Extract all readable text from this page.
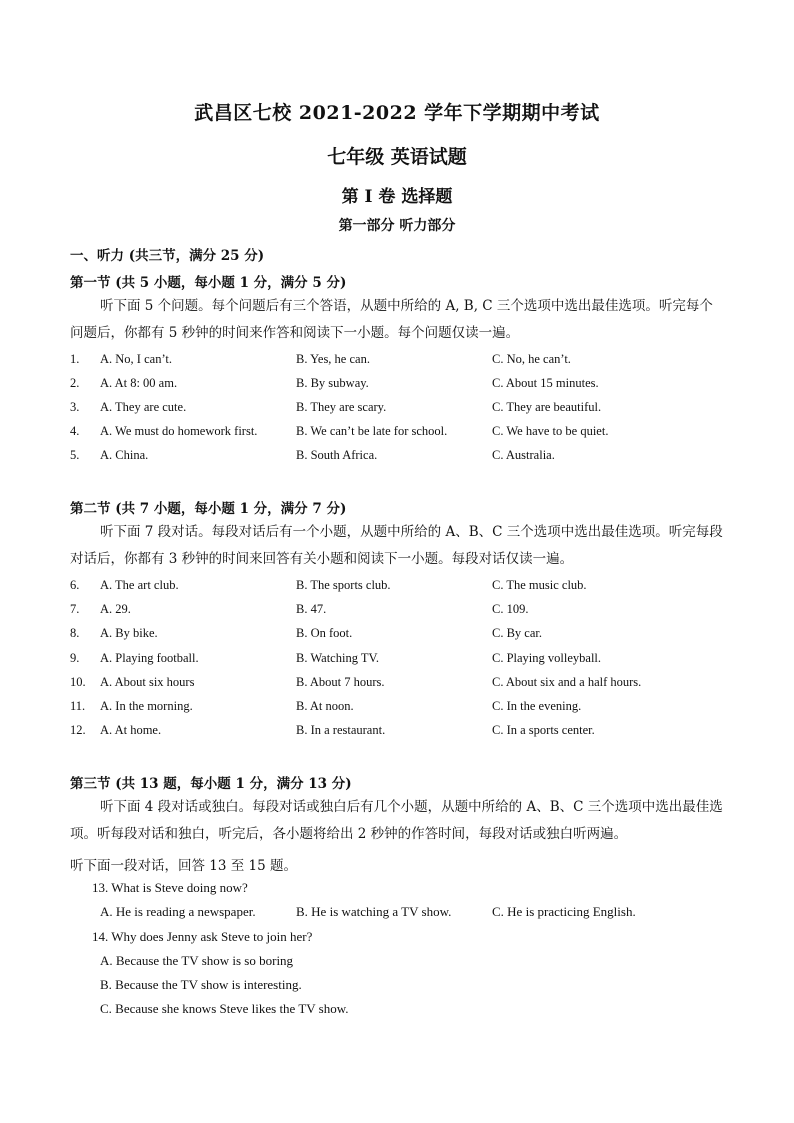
武昌区七校 2021-2022 学年下学期期中考试
七年级 英语试题
第 Ⅰ 卷 选择题
第一部分 听力部分
一、听力 (共三节，满分 25 分)
第一节 (共 5 小题，每小题 1 分，满分 5 分)
听下面 5 个问题。每个问题后有三个答语，从题中所给的 A, B, C 三个选项中选出最佳选项。听完每个问题后，你都有 5 秒钟的时间来作答和阅读下一小题。每个问题仅读一遍。
1. A. No, I can’t.	B. Yes, he can.	C. No, he can’t.
2. A. At 8: 00 am.	B. By subway.	C. About 15 minutes.
3. A. They are cute.	B. They are scary.	C. They are beautiful.
4. A. We must do homework first.	B. We can’t be late for school.	C. We have to be quiet.
5. A. China.	B. South Africa.	C. Australia.
第二节 (共 7 小题，每小题 1 分，满分 7 分)
听下面 7 段对话。每段对话后有一个小题，从题中所给的 A、B、C 三个选项中选出最佳选项。听完每段对话后，你都有 3 秒钟的时间来回答有关小题和阅读下一小题。每段对话仅读一遍。
6. A. The art club.	B. The sports club.	C. The music club.
7. A. 29.	B. 47.	C. 109.
8. A. By bike.	B. On foot.	C. By car.
9. A. Playing football.	B. Watching TV.	C. Playing volleyball.
10. A. About six hours	B. About 7 hours.	C. About six and a half hours.
11. A. In the morning.	B. At noon.	C. In the evening.
12. A. At home.	B. In a restaurant.	C. In a sports center.
第三节 (共 13 题，每小题 1 分，满分 13 分)
听下面 4 段对话或独白。每段对话或独白后有几个小题，从题中所给的 A、B、C 三个选项中选出最佳选项。听每段对话和独白，听完后，各小题将给出 2 秒钟的作答时间，每段对话或独白听两遍。
听下面一段对话，回答 13 至 15 题。
13. What is Steve doing now?
A. He is reading a newspaper.	B. He is watching a TV show.	C. He is practicing English.
14. Why does Jenny ask Steve to join her?
A. Because the TV show is so boring
B. Because the TV show is interesting.
C. Because she knows Steve likes the TV show.
